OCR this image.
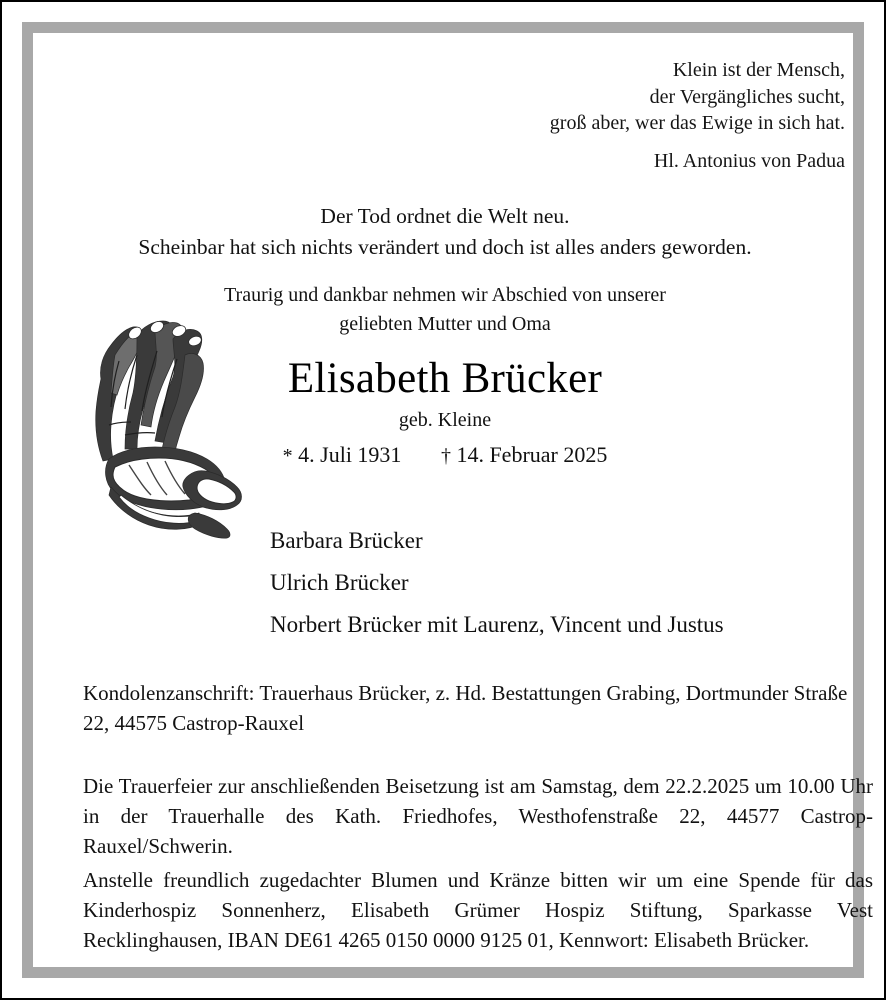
Klein ist der Mensch,
der Vergängliches sucht,
groß aber, wer das Ewige in sich hat.
Hl. Antonius von Padua
Der Tod ordnet die Welt neu.
Scheinbar hat sich nichts verändert und doch ist alles anders geworden.
Traurig und dankbar nehmen wir Abschied von unserer
geliebten Mutter und Oma
Elisabeth Brücker
geb. Kleine
* 4. Juli 1931 † 14. Februar 2025
Barbara Brücker
Ulrich Brücker
Norbert Brücker mit Laurenz, Vincent und Justus
Kondolenzanschrift: Trauerhaus Brücker, z. Hd. Bestattungen Grabing, Dortmunder Straße 22, 44575 Castrop-Rauxel
Die Trauerfeier zur anschließenden Beisetzung ist am Samstag, dem 22.2.2025 um 10.00 Uhr in der Trauerhalle des Kath. Friedhofes, Westhofenstraße 22, 44577 Castrop-Rauxel/Schwerin.
Anstelle freundlich zugedachter Blumen und Kränze bitten wir um eine Spende für das Kinderhospiz Sonnenherz, Elisabeth Grümer Hospiz Stiftung, Sparkasse Vest Recklinghausen, IBAN DE61 4265 0150 0000 9125 01, Kennwort: Elisabeth Brücker.
